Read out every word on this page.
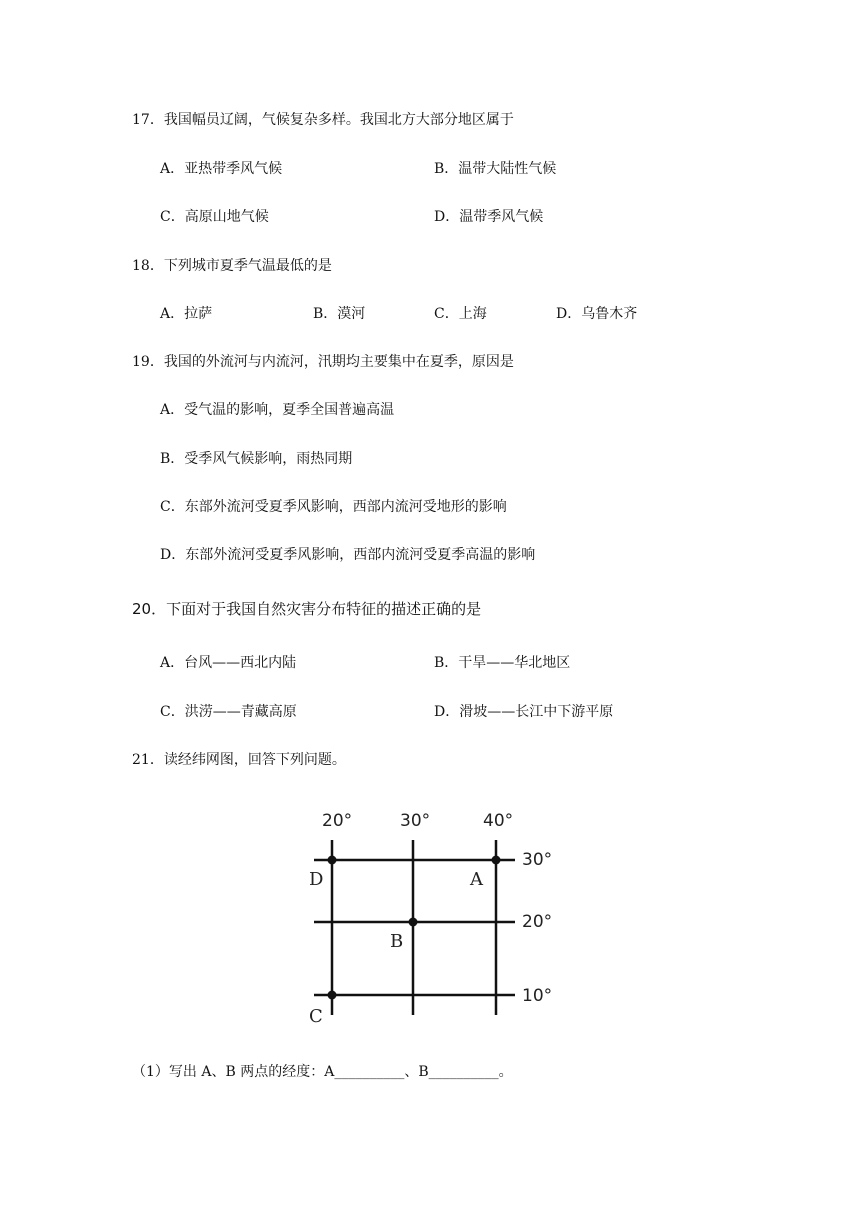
17．我国幅员辽阔，气候复杂多样。我国北方大部分地区属于
A．亚热带季风气候	B．温带大陆性气候
C．高原山地气候	D．温带季风气候
18．下列城市夏季气温最低的是
A．拉萨	B．漠河	C．上海	D．乌鲁木齐
19．我国的外流河与内流河，汛期均主要集中在夏季，原因是
A．受气温的影响，夏季全国普遍高温
B．受季风气候影响，雨热同期
C．东部外流河受夏季风影响，西部内流河受地形的影响
D．东部外流河受夏季风影响，西部内流河受夏季高温的影响
20．下面对于我国自然灾害分布特征的描述正确的是
A．台风——西北内陆	B．干旱——华北地区
C．洪涝——青藏高原	D．滑坡——长江中下游平原
21．读经纬网图，回答下列问题。
20°	30°	40°
30°
20°
10°
D	A
B
C
（1）写出 A、B 两点的经度：A__________、B__________。
